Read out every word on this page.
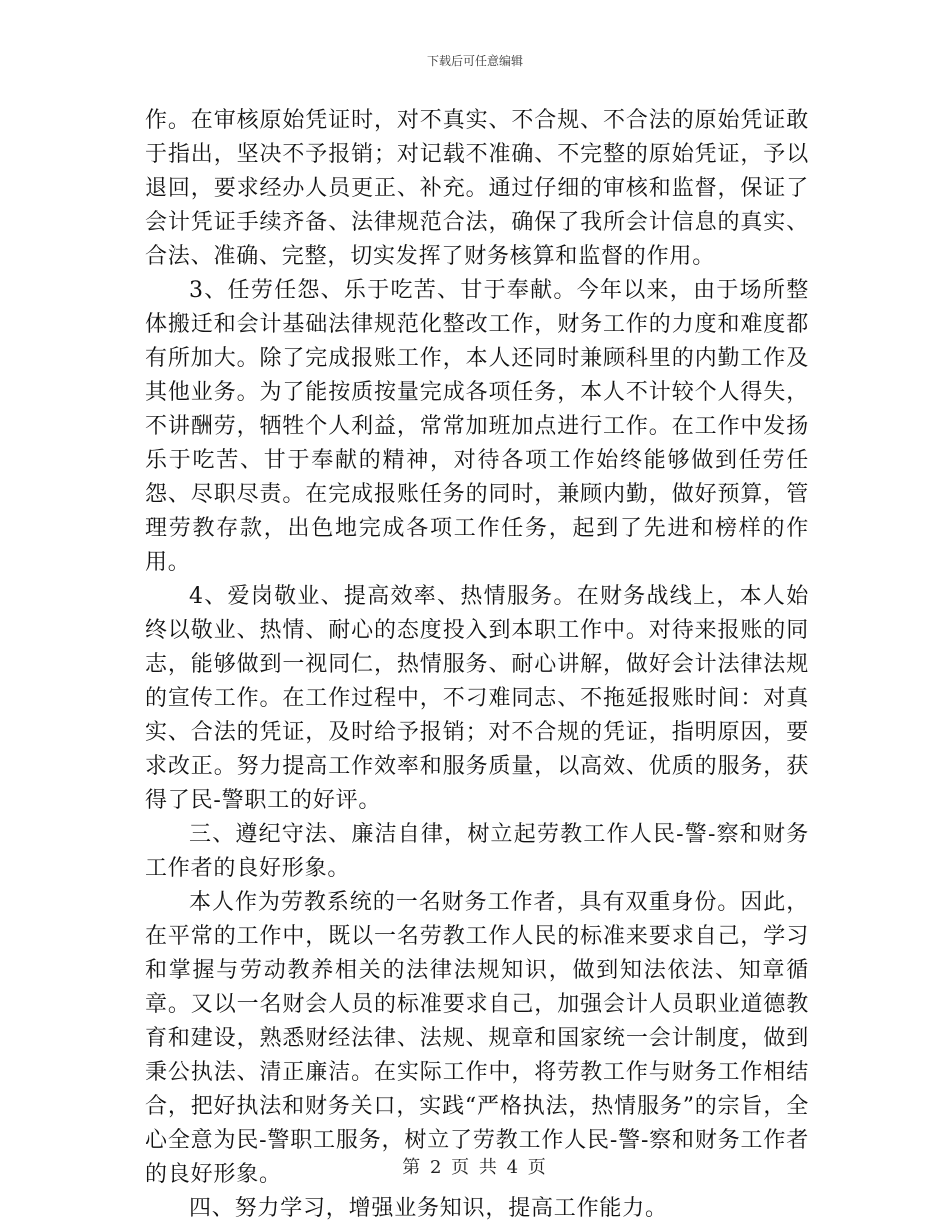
下载后可任意编辑

作。在审核原始凭证时，对不真实、不合规、不合法的原始凭证敢于指出，坚决不予报销；对记载不准确、不完整的原始凭证，予以退回，要求经办人员更正、补充。通过仔细的审核和监督，保证了会计凭证手续齐备、法律规范合法，确保了我所会计信息的真实、合法、准确、完整，切实发挥了财务核算和监督的作用。

3、任劳任怨、乐于吃苦、甘于奉献。今年以来，由于场所整体搬迁和会计基础法律规范化整改工作，财务工作的力度和难度都有所加大。除了完成报账工作，本人还同时兼顾科里的内勤工作及其他业务。为了能按质按量完成各项任务，本人不计较个人得失，不讲酬劳，牺牲个人利益，常常加班加点进行工作。在工作中发扬乐于吃苦、甘于奉献的精神，对待各项工作始终能够做到任劳任怨、尽职尽责。在完成报账任务的同时，兼顾内勤，做好预算，管理劳教存款，出色地完成各项工作任务，起到了先进和榜样的作用。

4、爱岗敬业、提高效率、热情服务。在财务战线上，本人始终以敬业、热情、耐心的态度投入到本职工作中。对待来报账的同志，能够做到一视同仁，热情服务、耐心讲解，做好会计法律法规的宣传工作。在工作过程中，不刁难同志、不拖延报账时间：对真实、合法的凭证，及时给予报销；对不合规的凭证，指明原因，要求改正。努力提高工作效率和服务质量，以高效、优质的服务，获得了民-警职工的好评。

三、遵纪守法、廉洁自律，树立起劳教工作人民-警-察和财务工作者的良好形象。

本人作为劳教系统的一名财务工作者，具有双重身份。因此，在平常的工作中，既以一名劳教工作人民的标准来要求自己，学习和掌握与劳动教养相关的法律法规知识，做到知法依法、知章循章。又以一名财会人员的标准要求自己，加强会计人员职业道德教育和建设，熟悉财经法律、法规、规章和国家统一会计制度，做到秉公执法、清正廉洁。在实际工作中，将劳教工作与财务工作相结合，把好执法和财务关口，实践“严格执法，热情服务”的宗旨，全心全意为民-警职工服务，树立了劳教工作人民-警-察和财务工作者的良好形象。

四、努力学习，增强业务知识，提高工作能力。

第 2 页 共 4 页
